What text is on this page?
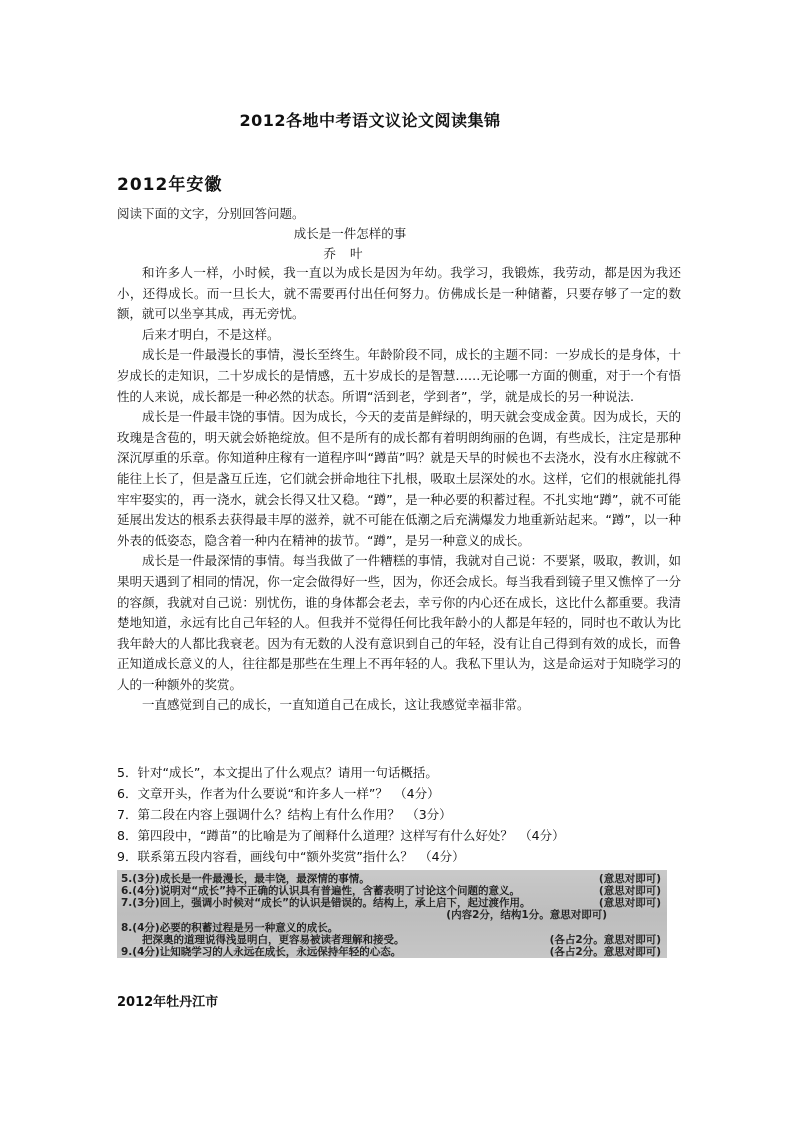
2012各地中考语文议论文阅读集锦
2012年安徽
阅读下面的文字，分别回答问题。
成长是一件怎样的事
乔叶

和许多人一样，小时候，我一直以为成长是因为年幼。我学习，我锻炼，我劳动，都是因为我还小，还得成长。而一旦长大，就不需要再付出任何努力。仿佛成长是一种储蓄，只要存够了一定的数额，就可以坐享其成，再无旁忧。

后来才明白，不是这样。

成长是一件最漫长的事情，漫长至终生。年龄阶段不同，成长的主题不同：一岁成长的是身体，十岁成长的走知识，二十岁成长的是情感，五十岁成长的是智慧……无论哪一方面的侧重，对于一个有悟性的人来说，成长都是一种必然的状态。所谓“活到老，学到者”，学，就是成长的另一种说法.

成长是一件最丰饶的事情。因为成长，今天的麦苗是鲜绿的，明天就会变成金黄。因为成长，天的玫瑰是含苞的，明天就会娇艳绽放。但不是所有的成长都有着明朗绚丽的色调，有些成长，注定是那种深沉厚重的乐章。你知道种庄稼有一道程序叫“蹲苗”吗？就是天旱的时候也不去浇水，没有水庄稼就不能往上长了，但是盏互丘连，它们就会拼命地往下扎根，吸取土层深处的水。这样，它们的根就能扎得牢牢娶实的，再一浇水，就会长得又壮又稳。“蹲”，是一种必要的积蓄过程。不扎实地“蹲”，就不可能延展出发达的根系去获得最丰厚的滋养，就不可能在低潮之后充满爆发力地重新站起来。“蹲”，以一种外表的低姿态，隐含着一种内在精神的拔节。“蹲”，是另一种意义的成长。

成长是一件最深情的事情。每当我做了一件糟糕的事情，我就对自己说：不要紧，吸取，教训，如果明天遇到了相同的情况，你一定会做得好一些，因为，你还会成长。每当我看到镜子里又憔悴了一分的容颜，我就对自己说：别忧伤，谁的身体都会老去，幸亏你的内心还在成长，这比什么都重要。我清楚地知道，永远有比自己年轻的人。但我并不觉得任何比我年龄小的人都是年轻的，同时也不敢认为比我年龄大的人都比我衰老。因为有无数的人没有意识到自己的年轻，没有让自己得到有效的成长，而鲁正知道成长意义的人，往往都是那些在生理上不再年轻的人。我私下里认为，这是命运对于知晓学习的人的一种额外的奖赏。

一直感觉到自己的成长，一直知道自己在成长，这让我感觉幸福非常。

5．针对“成长”，本文提出了什么观点？请用一句话概括。
6．文章开头，作者为什么要说“和许多人一样”？　（4分）
7．第二段在内容上强调什么？结构上有什么作用？　（3分）
8．第四段中，“蹲苗”的比喻是为了阐释什么道理？这样写有什么好处？　（4分）
9．联系第五段内容看，画线句中“额外奖赏”指什么？　（4分）
5.(3分)成长是一件最漫长，最丰饶，最深情的事情。	(意思对即可)
6.(4分)说明对“成长”持不正确的认识具有普遍性，含蓄表明了讨论这个问题的意义。	(意思对即可)
7.(3分)回上，强调小时候对“成长”的认识是错误的。结构上，承上启下，起过渡作用。	(意思对即可)
(内容2分，结构1分。意思对即可)
8.(4分)必要的积蓄过程是另一种意义的成长。
　　把深奥的道理说得浅显明白，更容易被读者理解和接受。	(各占2分。意思对即可)
9.(4分)让知晓学习的人永远在成长，永远保持年轻的心态。	(各占2分。意思对即可)
2012年牡丹江市
